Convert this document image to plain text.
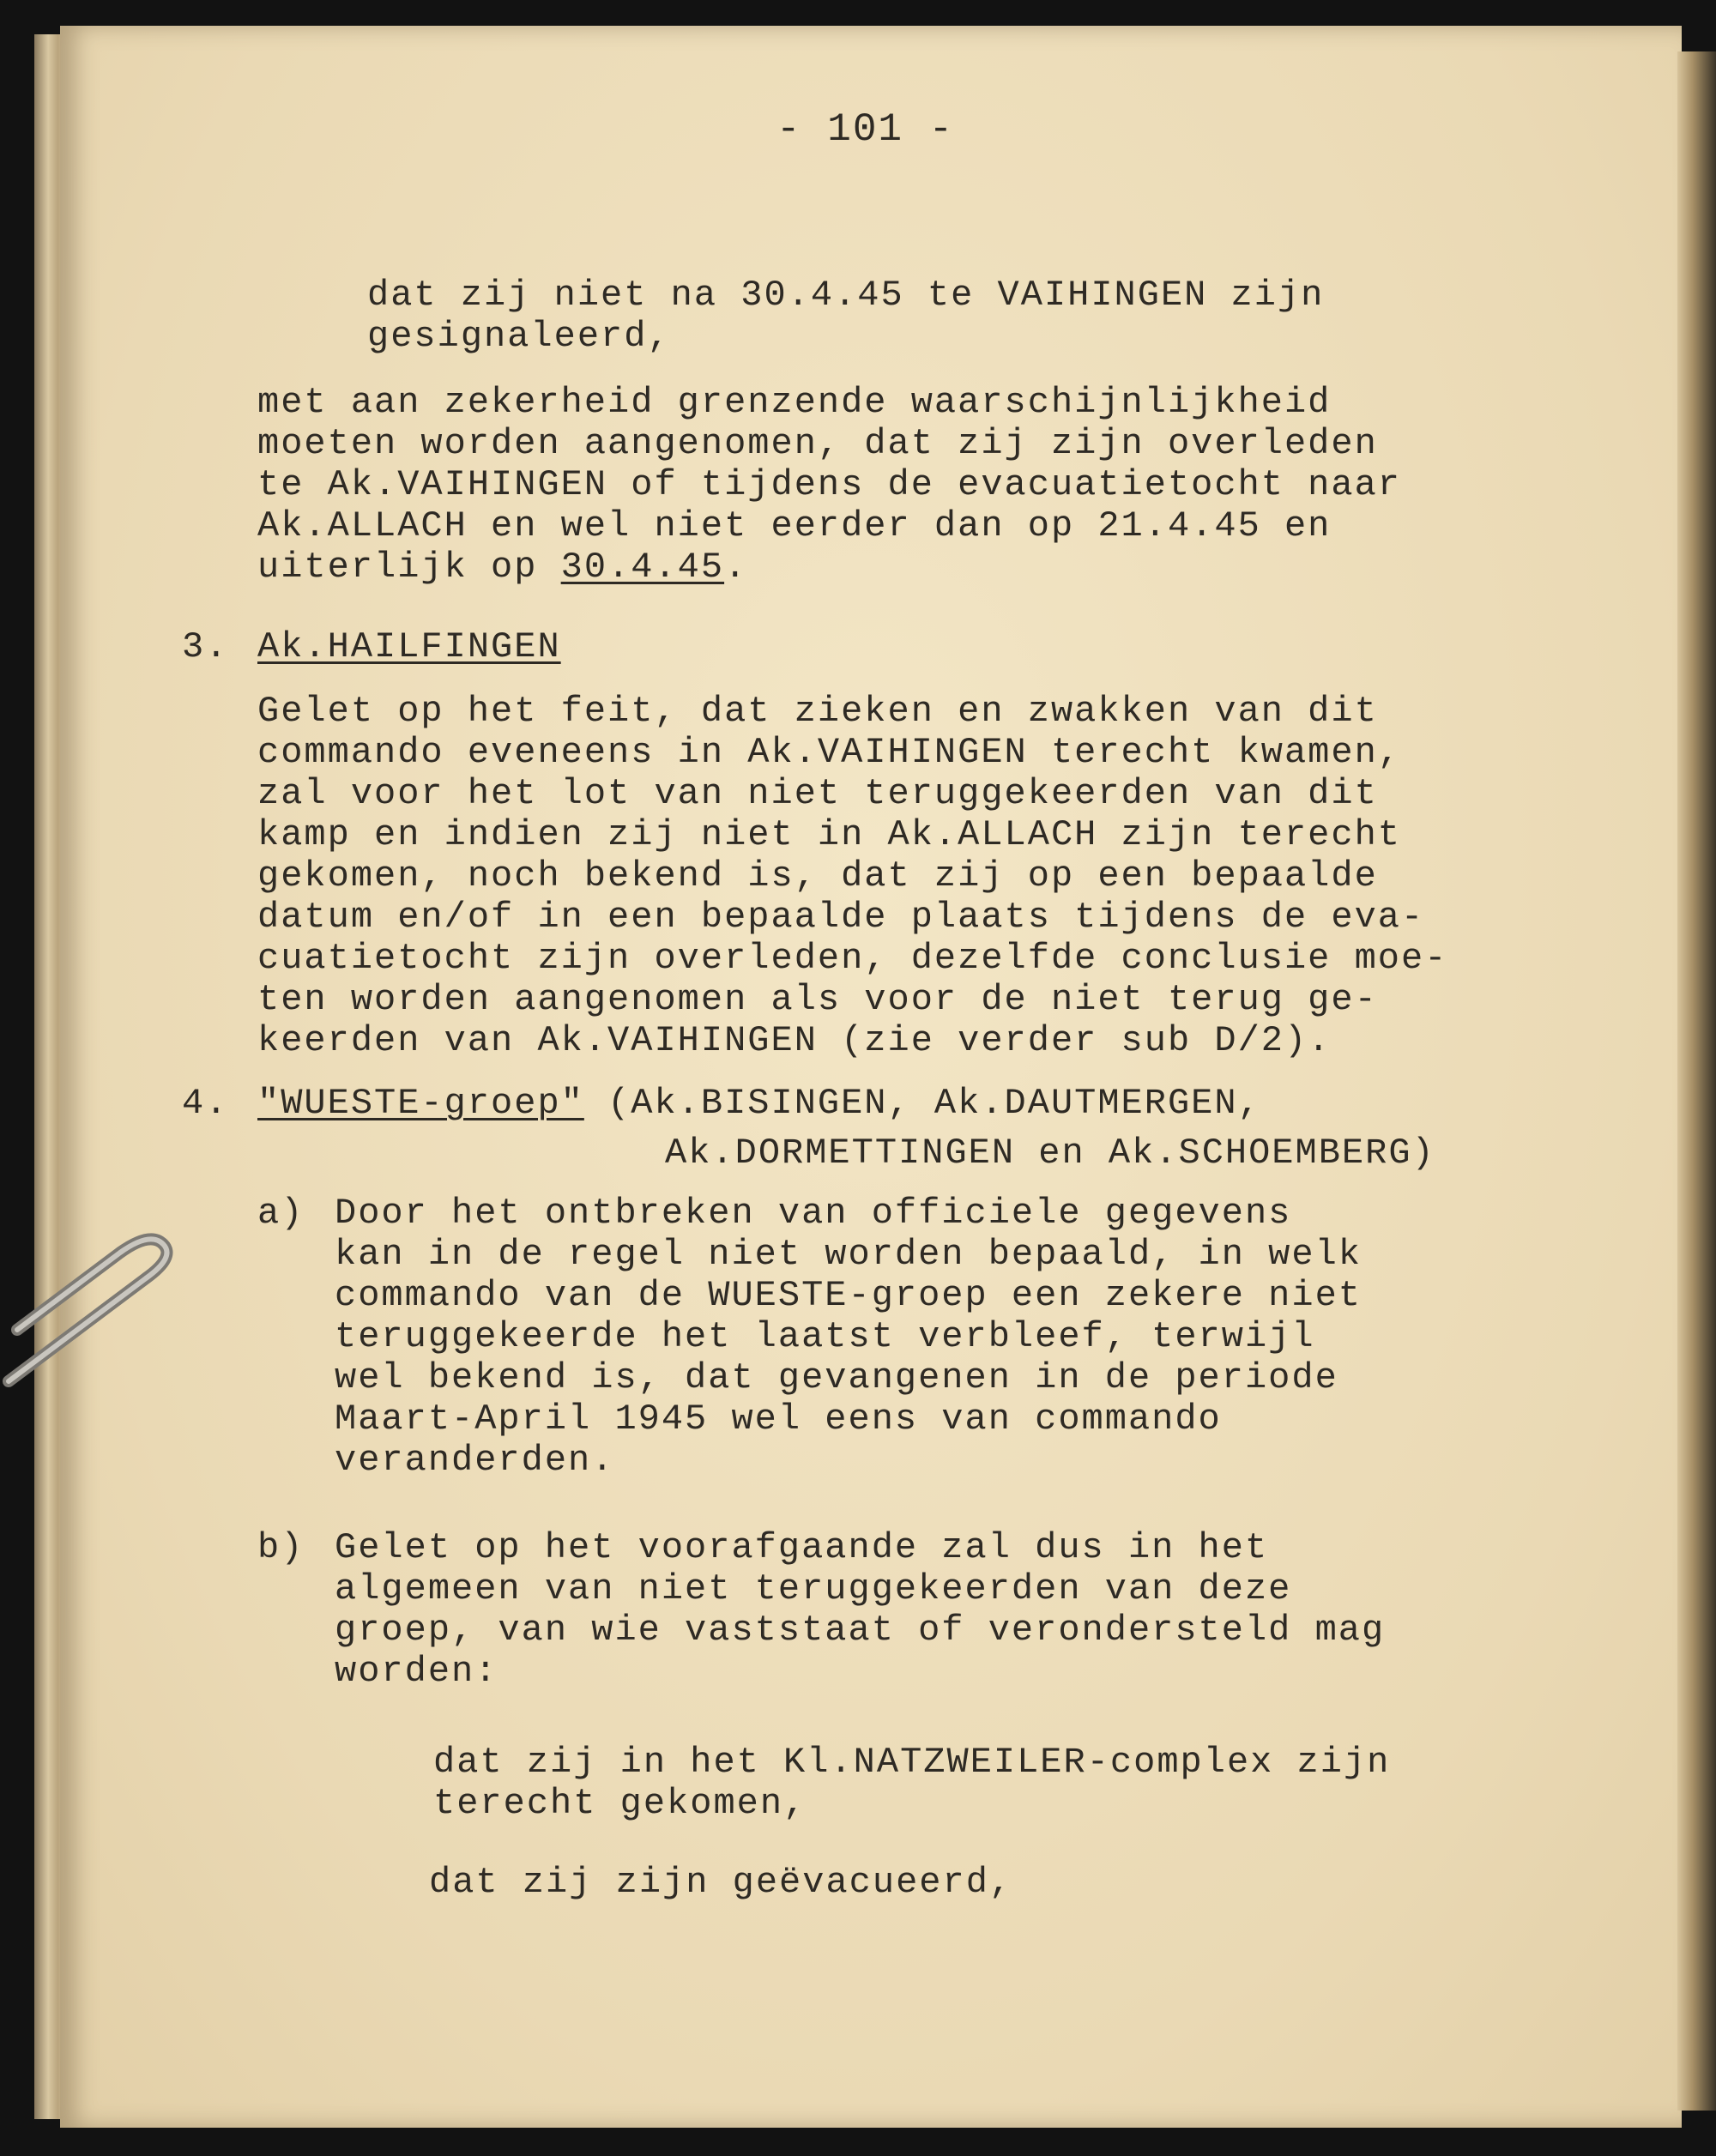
- 101 -
dat zij niet na 30.4.45 te VAIHINGEN zijn
gesignaleerd,
met aan zekerheid grenzende waarschijnlijkheid
moeten worden aangenomen, dat zij zijn overleden
te Ak.VAIHINGEN of tijdens de evacuatietocht naar
Ak.ALLACH en wel niet eerder dan op 21.4.45 en
uiterlijk op 30.4.45.
3. Ak.HAILFINGEN
Gelet op het feit, dat zieken en zwakken van dit
commando eveneens in Ak.VAIHINGEN terecht kwamen,
zal voor het lot van niet teruggekeerden van dit
kamp en indien zij niet in Ak.ALLACH zijn terecht
gekomen, noch bekend is, dat zij op een bepaalde
datum en/of in een bepaalde plaats tijdens de eva-
cuatietocht zijn overleden, dezelfde conclusie moe-
ten worden aangenomen als voor de niet terug ge-
keerden van Ak.VAIHINGEN (zie verder sub D/2).
4. "WUESTE-groep" (Ak.BISINGEN, Ak.DAUTMERGEN,
Ak.DORMETTINGEN en Ak.SCHOEMBERG)
a) Door het ontbreken van officiele gegevens
kan in de regel niet worden bepaald, in welk
commando van de WUESTE-groep een zekere niet
teruggekeerde het laatst verbleef, terwijl
wel bekend is, dat gevangenen in de periode
Maart-April 1945 wel eens van commando
veranderden.
b) Gelet op het voorafgaande zal dus in het
algemeen van niet teruggekeerden van deze
groep, van wie vaststaat of verondersteld mag
worden:
dat zij in het Kl.NATZWEILER-complex zijn
terecht gekomen,
dat zij zijn geëvacueerd,
